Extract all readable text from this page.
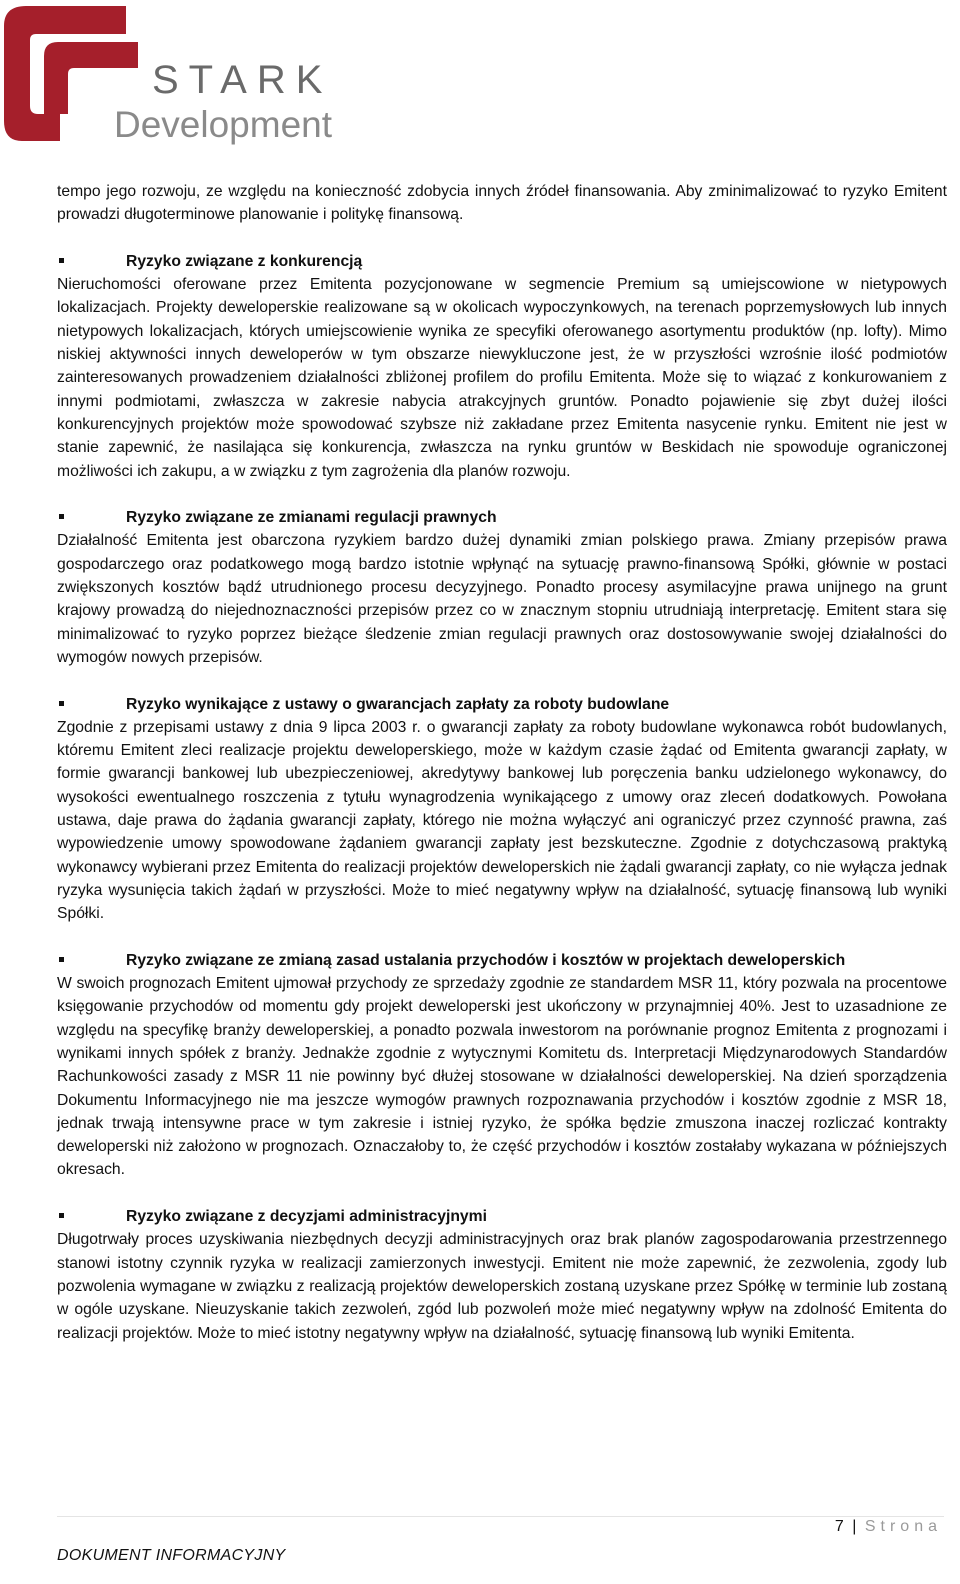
STARK
Development

tempo jego rozwoju, ze względu na konieczność zdobycia innych źródeł finansowania. Aby zminimalizować to ryzyko Emitent prowadzi długoterminowe planowanie i politykę finansową.

Ryzyko związane z konkurencją

Nieruchomości oferowane przez Emitenta pozycjonowane w segmencie Premium są umiejscowione w nietypowych lokalizacjach. Projekty deweloperskie realizowane są w okolicach wypoczynkowych, na terenach poprzemysłowych lub innych nietypowych lokalizacjach, których umiejscowienie wynika ze specyfiki oferowanego asortymentu produktów (np. lofty). Mimo niskiej aktywności innych deweloperów w tym obszarze niewykluczone jest, że w przyszłości wzrośnie ilość podmiotów zainteresowanych prowadzeniem działalności zbliżonej profilem do profilu Emitenta. Może się to wiązać z konkurowaniem z innymi podmiotami, zwłaszcza w zakresie nabycia atrakcyjnych gruntów. Ponadto pojawienie się zbyt dużej ilości konkurencyjnych projektów może spowodować szybsze niż zakładane przez Emitenta nasycenie rynku. Emitent nie jest w stanie zapewnić, że nasilająca się konkurencja, zwłaszcza na rynku gruntów w Beskidach nie spowoduje ograniczonej możliwości ich zakupu, a w związku z tym zagrożenia dla planów rozwoju.

Ryzyko związane ze zmianami regulacji prawnych

Działalność Emitenta jest obarczona ryzykiem bardzo dużej dynamiki zmian polskiego prawa. Zmiany przepisów prawa gospodarczego oraz podatkowego mogą bardzo istotnie wpłynąć na sytuację prawno-finansową Spółki, głównie w postaci zwiększonych kosztów bądź utrudnionego procesu decyzyjnego. Ponadto procesy asymilacyjne prawa unijnego na grunt krajowy prowadzą do niejednoznaczności przepisów przez co w znacznym stopniu utrudniają interpretację. Emitent stara się minimalizować to ryzyko poprzez bieżące śledzenie zmian regulacji prawnych oraz dostosowywanie swojej działalności do wymogów nowych przepisów.

Ryzyko wynikające z ustawy o gwarancjach zapłaty za roboty budowlane

Zgodnie z przepisami ustawy z dnia 9 lipca 2003 r. o gwarancji zapłaty za roboty budowlane wykonawca robót budowlanych, któremu Emitent zleci realizacje projektu deweloperskiego, może w każdym czasie żądać od Emitenta gwarancji zapłaty, w formie gwarancji bankowej lub ubezpieczeniowej, akredytywy bankowej lub poręczenia banku udzielonego wykonawcy, do wysokości ewentualnego roszczenia z tytułu wynagrodzenia wynikającego z umowy oraz zleceń dodatkowych. Powołana ustawa, daje prawa do żądania gwarancji zapłaty, którego nie można wyłączyć ani ograniczyć przez czynność prawna, zaś wypowiedzenie umowy spowodowane żądaniem gwarancji zapłaty jest bezskuteczne. Zgodnie z dotychczasową praktyką wykonawcy wybierani przez Emitenta do realizacji projektów deweloperskich nie żądali gwarancji zapłaty, co nie wyłącza jednak ryzyka wysunięcia takich żądań w przyszłości. Może to mieć negatywny wpływ na działalność, sytuację finansową lub wyniki Spółki.

Ryzyko związane ze zmianą zasad ustalania przychodów i kosztów w projektach deweloperskich

W swoich prognozach Emitent ujmował przychody ze sprzedaży zgodnie ze standardem MSR 11, który pozwala na procentowe księgowanie przychodów od momentu gdy projekt deweloperski jest ukończony w przynajmniej 40%. Jest to uzasadnione ze względu na specyfikę branży deweloperskiej, a ponadto pozwala inwestorom na porównanie prognoz Emitenta z prognozami i wynikami innych spółek z branży. Jednakże zgodnie z wytycznymi Komitetu ds. Interpretacji Międzynarodowych Standardów Rachunkowości zasady z MSR 11 nie powinny być dłużej stosowane w działalności deweloperskiej. Na dzień sporządzenia Dokumentu Informacyjnego nie ma jeszcze wymogów prawnych rozpoznawania przychodów i kosztów zgodnie z MSR 18, jednak trwają intensywne prace w tym zakresie i istniej ryzyko, że spółka będzie zmuszona inaczej rozliczać kontrakty deweloperski niż założono w prognozach. Oznaczałoby to, że część przychodów i kosztów zostałaby wykazana w późniejszych okresach.

Ryzyko związane z decyzjami administracyjnymi

Długotrwały proces uzyskiwania niezbędnych decyzji administracyjnych oraz brak planów zagospodarowania przestrzennego stanowi istotny czynnik ryzyka w realizacji zamierzonych inwestycji. Emitent nie może zapewnić, że zezwolenia, zgody lub pozwolenia wymagane w związku z realizacją projektów deweloperskich zostaną uzyskane przez Spółkę w terminie lub zostaną w ogóle uzyskane. Nieuzyskanie takich zezwoleń, zgód lub pozwoleń może mieć negatywny wpływ na zdolność Emitenta do realizacji projektów. Może to mieć istotny negatywny wpływ na działalność, sytuację finansową lub wyniki Emitenta.

7 | Strona
DOKUMENT INFORMACYJNY
